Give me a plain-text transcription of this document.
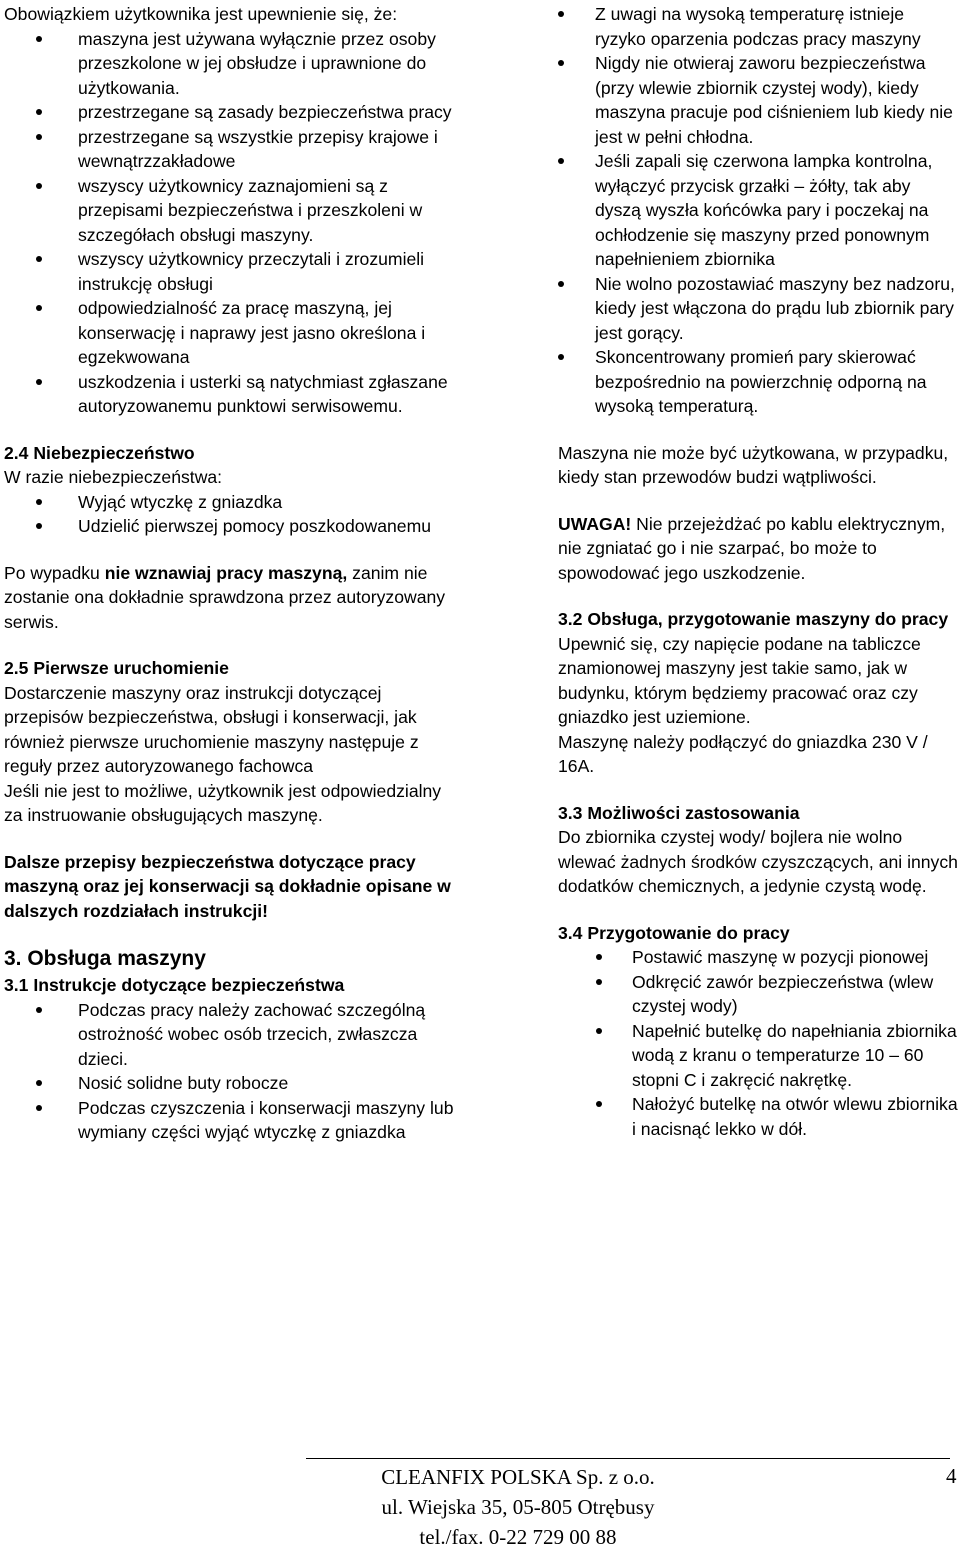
Obowiązkiem użytkownika jest upewnienie się, że:

maszyna jest używana wyłącznie przez osoby przeszkolone w jej obsłudze i uprawnione do użytkowania.
przestrzegane są zasady bezpieczeństwa pracy
przestrzegane są wszystkie przepisy krajowe i wewnątrzzakładowe
wszyscy użytkownicy zaznajomieni są z przepisami bezpieczeństwa i przeszkoleni w szczegółach obsługi maszyny.
wszyscy użytkownicy przeczytali i zrozumieli instrukcję obsługi
odpowiedzialność za pracę maszyną, jej konserwację i naprawy jest jasno określona i egzekwowana
uszkodzenia i usterki są natychmiast zgłaszane autoryzowanemu punktowi serwisowemu.

2.4 Niebezpieczeństwo

W razie niebezpieczeństwa:

Wyjąć wtyczkę z gniazdka
Udzielić pierwszej pomocy poszkodowanemu

Po wypadku nie wznawiaj pracy maszyną, zanim nie zostanie ona dokładnie sprawdzona przez autoryzowany serwis.

2.5 Pierwsze uruchomienie

Dostarczenie maszyny oraz instrukcji dotyczącej przepisów bezpieczeństwa, obsługi i konserwacji, jak również pierwsze uruchomienie maszyny następuje z reguły przez autoryzowanego fachowca

Jeśli nie jest to możliwe, użytkownik jest odpowiedzialny za instruowanie obsługujących maszynę.

Dalsze przepisy bezpieczeństwa dotyczące pracy maszyną oraz jej konserwacji są dokładnie opisane w dalszych rozdziałach instrukcji!

3. Obsługa maszyny

3.1 Instrukcje dotyczące bezpieczeństwa

Podczas pracy należy zachować szczególną ostrożność wobec osób trzecich, zwłaszcza dzieci.
Nosić solidne buty robocze
Podczas czyszczenia i konserwacji maszyny lub wymiany części wyjąć wtyczkę z gniazdka
Z uwagi na wysoką temperaturę istnieje ryzyko oparzenia podczas pracy maszyny
Nigdy nie otwieraj zaworu bezpieczeństwa (przy wlewie zbiornik czystej wody), kiedy maszyna pracuje pod ciśnieniem lub kiedy nie jest w pełni chłodna.
Jeśli zapali się czerwona lampka kontrolna, wyłączyć przycisk grzałki – żółty, tak aby dyszą wyszła końcówka pary i poczekaj na ochłodzenie się maszyny przed ponownym napełnieniem zbiornika
Nie wolno pozostawiać maszyny bez nadzoru, kiedy jest włączona do prądu lub zbiornik pary jest gorący.
Skoncentrowany promień pary skierować bezpośrednio na powierzchnię odporną na wysoką temperaturą.

Maszyna nie może być użytkowana, w przypadku, kiedy stan przewodów budzi wątpliwości.

UWAGA! Nie przejeżdżać po kablu elektrycznym, nie zgniatać go i nie szarpać, bo może to spowodować jego uszkodzenie.

3.2 Obsługa, przygotowanie maszyny do pracy

Upewnić się, czy napięcie podane na tabliczce znamionowej maszyny jest takie samo, jak w budynku, którym będziemy pracować oraz czy gniazdko jest uziemione.

Maszynę należy podłączyć do gniazdka 230 V / 16A.

3.3 Możliwości zastosowania

Do zbiornika czystej wody/ bojlera nie wolno wlewać żadnych środków czyszczących, ani innych dodatków chemicznych, a jedynie czystą wodę.

3.4 Przygotowanie do pracy

Postawić maszynę w pozycji pionowej
Odkręcić zawór bezpieczeństwa (wlew czystej wody)
Napełnić butelkę do napełniania zbiornika wodą z kranu o temperaturze 10 – 60 stopni C i zakręcić nakrętkę.
Nałożyć butelkę na otwór wlewu zbiornika i nacisnąć lekko w dół.
CLEANFIX POLSKA Sp. z o.o.
ul. Wiejska 35, 05-805 Otrębusy
tel./fax. 0-22 729 00 88
4
